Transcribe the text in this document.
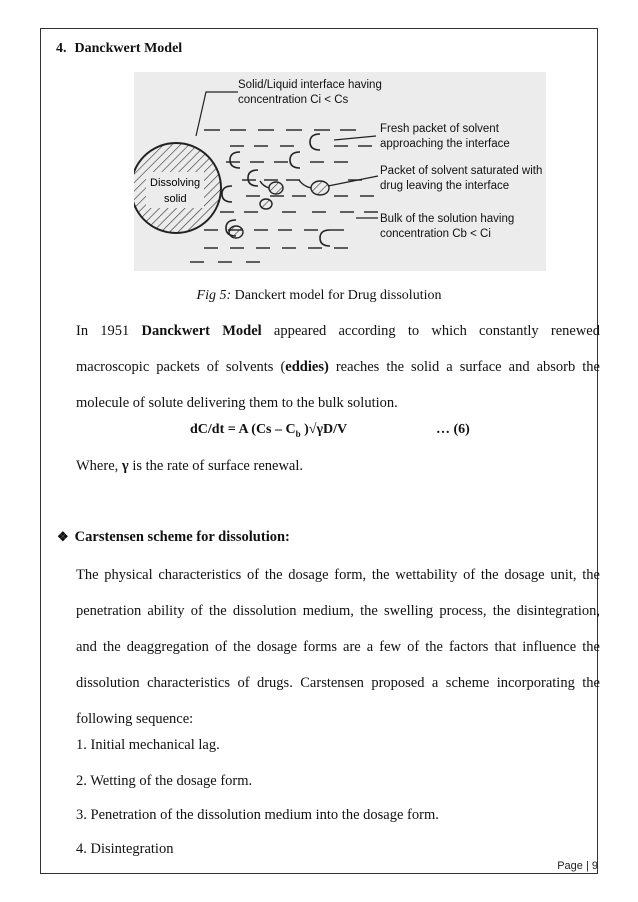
4. Danckwert Model
Dissolving
solid
Solid/Liquid interface having
concentration Ci < Cs
Fresh packet of solvent
approaching the interface
Packet of solvent saturated with
drug leaving the interface
Bulk of the solution having
concentration Cb < Ci
Fig 5: Danckert model for Drug dissolution
In 1951 Danckwert Model appeared according to which constantly renewed
macroscopic packets of solvents (eddies) reaches the solid a surface and absorb the
molecule of solute delivering them to the bulk solution.
dC/dt = A ($Cs - C_b$ )√γD/V	… (6)
Where, γ is the rate of surface renewal.
❖ Carstensen scheme for dissolution:
The physical characteristics of the dosage form, the wettability of the dosage unit, the
penetration ability of the dissolution medium, the swelling process, the disintegration,
and the deaggregation of the dosage forms are a few of the factors that influence the
dissolution characteristics of drugs. Carstensen proposed a scheme incorporating the
following sequence:
1. Initial mechanical lag.
2. Wetting of the dosage form.
3. Penetration of the dissolution medium into the dosage form.
4. Disintegration
Page | 9
